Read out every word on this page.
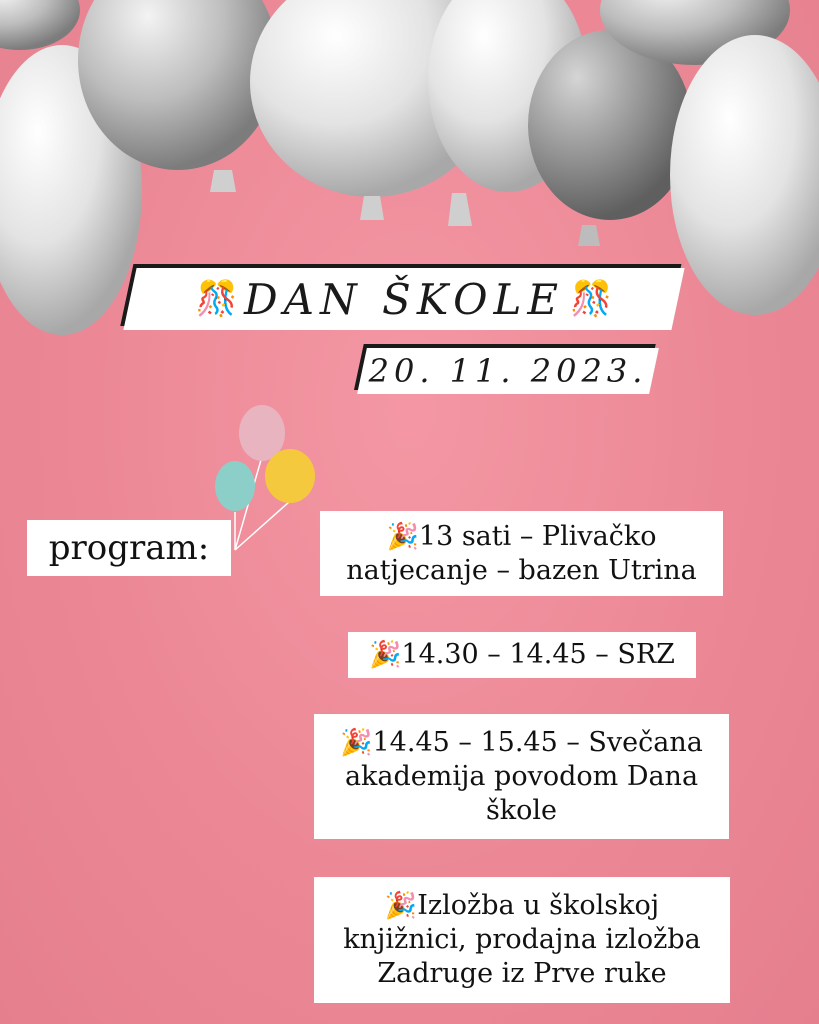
🎊 DAN ŠKOLE 🎊
20. 11. 2023.
program:	🎉13 sati – Plivačko natjecanje – bazen Utrina
🎉14.30 – 14.45 – SRZ
🎉14.45 – 15.45 – Svečana akademija povodom Dana škole
🎉Izložba u školskoj knjižnici, prodajna izložba Zadruge iz Prve ruke
